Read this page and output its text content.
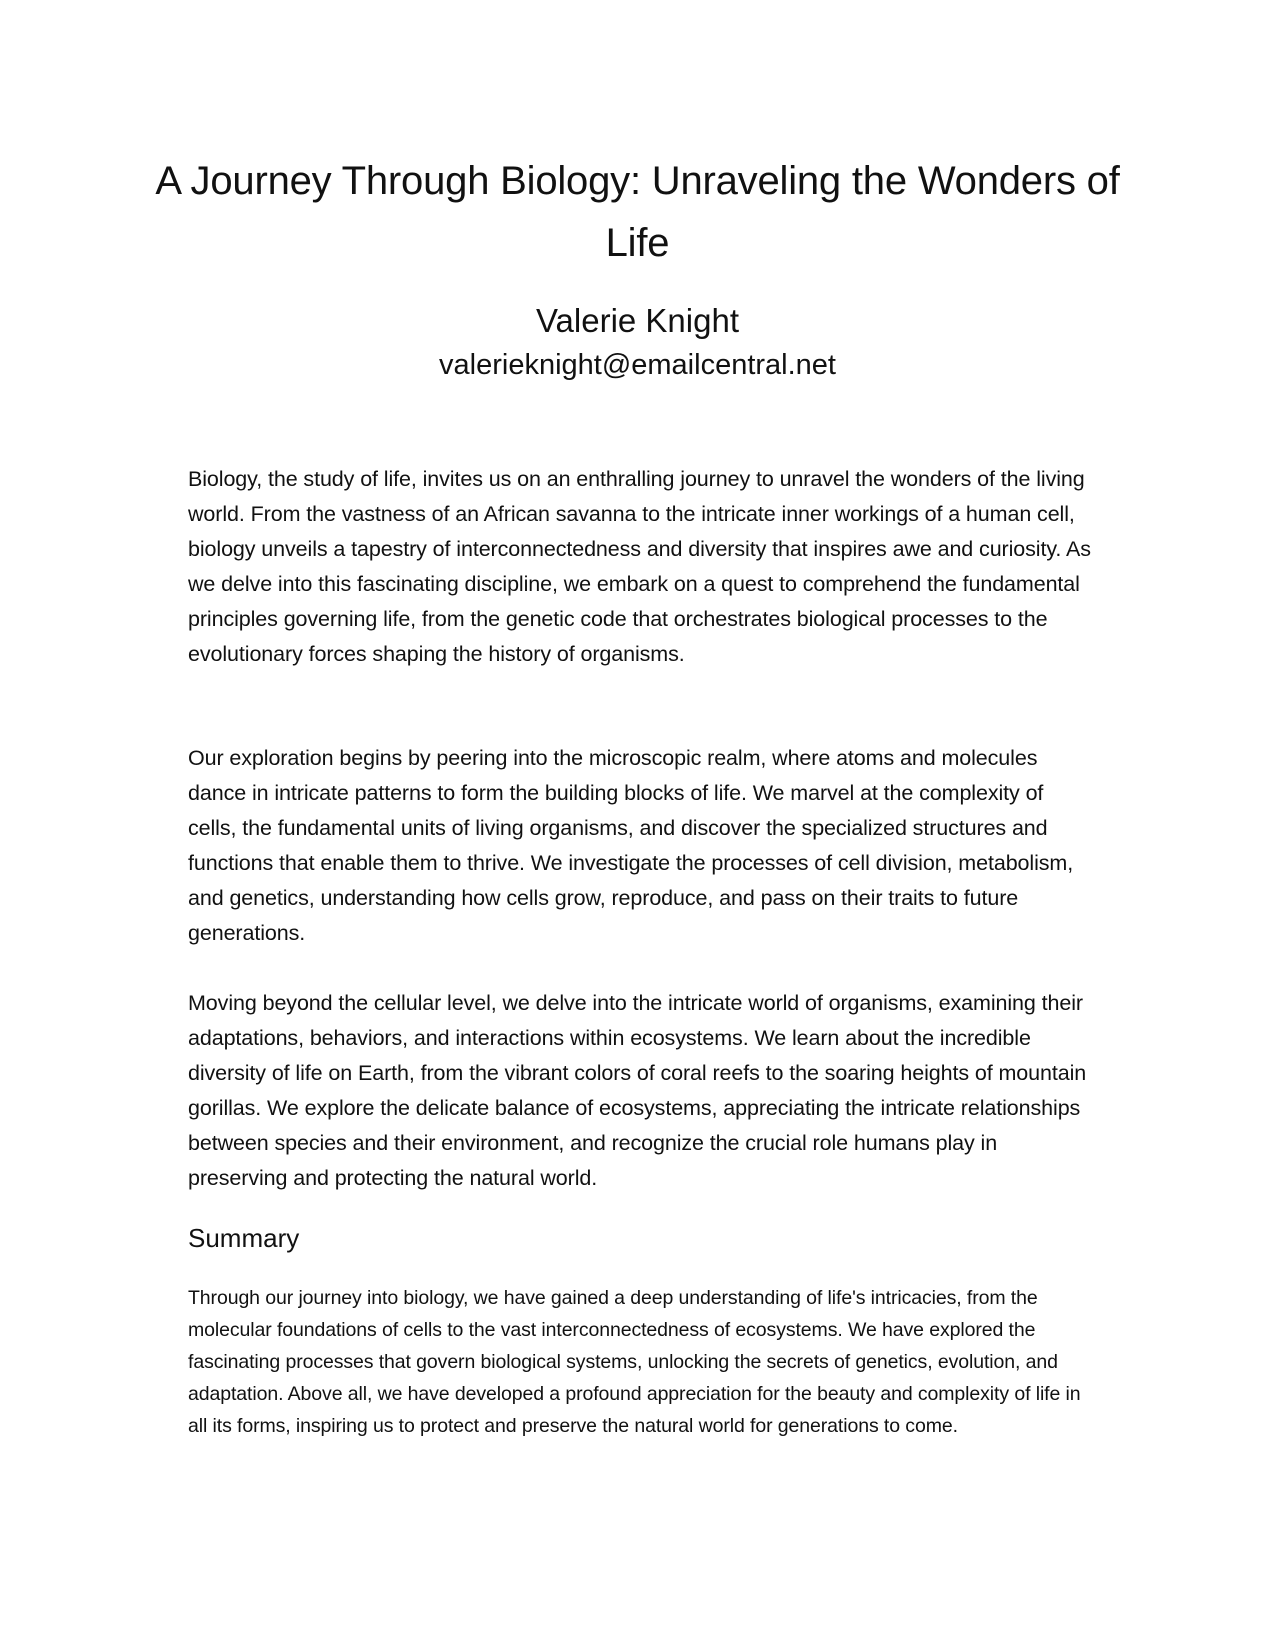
A Journey Through Biology: Unraveling the Wonders of Life
Valerie Knight
valerieknight@emailcentral.net

Biology, the study of life, invites us on an enthralling journey to unravel the wonders of the living world. From the vastness of an African savanna to the intricate inner workings of a human cell, biology unveils a tapestry of interconnectedness and diversity that inspires awe and curiosity. As we delve into this fascinating discipline, we embark on a quest to comprehend the fundamental principles governing life, from the genetic code that orchestrates biological processes to the evolutionary forces shaping the history of organisms.

Our exploration begins by peering into the microscopic realm, where atoms and molecules dance in intricate patterns to form the building blocks of life. We marvel at the complexity of cells, the fundamental units of living organisms, and discover the specialized structures and functions that enable them to thrive. We investigate the processes of cell division, metabolism, and genetics, understanding how cells grow, reproduce, and pass on their traits to future generations.

Moving beyond the cellular level, we delve into the intricate world of organisms, examining their adaptations, behaviors, and interactions within ecosystems. We learn about the incredible diversity of life on Earth, from the vibrant colors of coral reefs to the soaring heights of mountain gorillas. We explore the delicate balance of ecosystems, appreciating the intricate relationships between species and their environment, and recognize the crucial role humans play in preserving and protecting the natural world.

Summary

Through our journey into biology, we have gained a deep understanding of life's intricacies, from the molecular foundations of cells to the vast interconnectedness of ecosystems. We have explored the fascinating processes that govern biological systems, unlocking the secrets of genetics, evolution, and adaptation. Above all, we have developed a profound appreciation for the beauty and complexity of life in all its forms, inspiring us to protect and preserve the natural world for generations to come.
